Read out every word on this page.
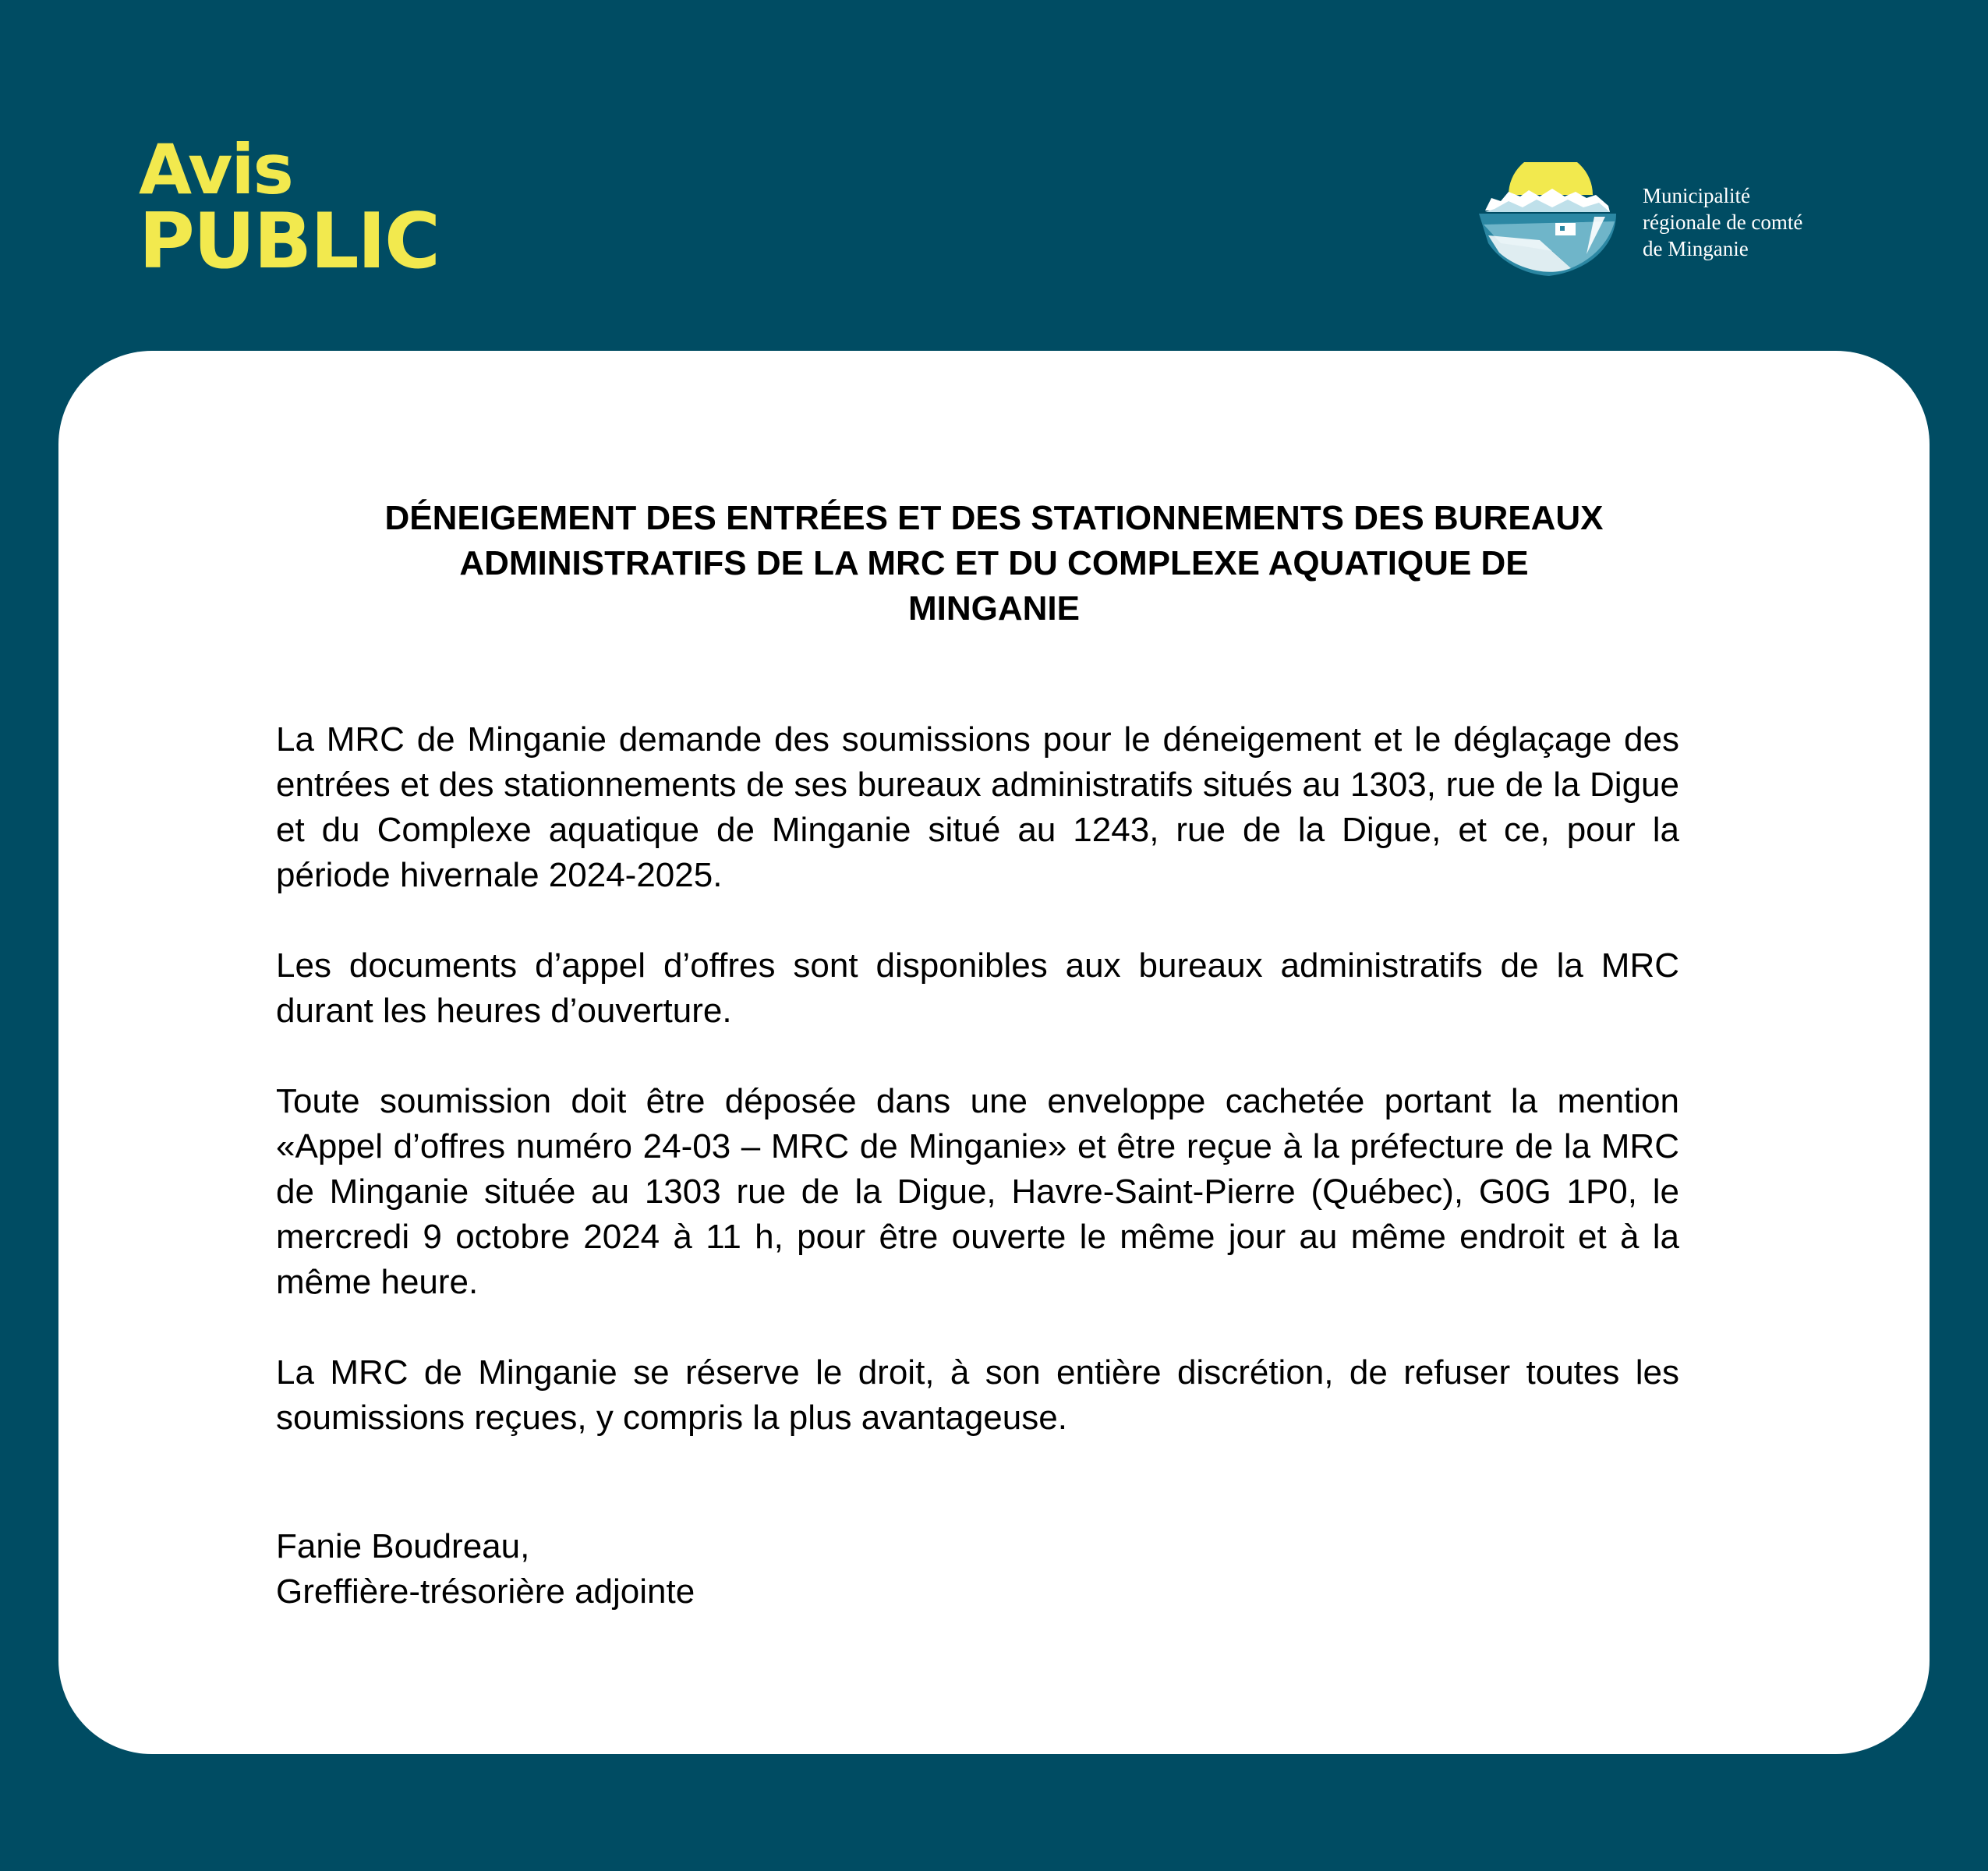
Avis
PUBLIC
Municipalité
régionale de comté
de Minganie
DÉNEIGEMENT DES ENTRÉES ET DES STATIONNEMENTS DES BUREAUX
ADMINISTRATIFS DE LA MRC ET DU COMPLEXE AQUATIQUE DE
MINGANIE

La MRC de Minganie demande des soumissions pour le déneigement et le déglaçage des entrées et des stationnements de ses bureaux administratifs situés au 1303, rue de la Digue et du Complexe aquatique de Minganie situé au 1243, rue de la Digue, et ce, pour la période hivernale 2024-2025.

Les documents d’appel d’offres sont disponibles aux bureaux administratifs de la MRC durant les heures d’ouverture.

Toute soumission doit être déposée dans une enveloppe cachetée portant la mention «Appel d’offres numéro 24-03 – MRC de Minganie» et être reçue à la préfecture de la MRC de Minganie située au 1303 rue de la Digue, Havre-Saint-Pierre (Québec), G0G 1P0, le mercredi 9 octobre 2024 à 11 h, pour être ouverte le même jour au même endroit et à la même heure.

La MRC de Minganie se réserve le droit, à son entière discrétion, de refuser toutes les soumissions reçues, y compris la plus avantageuse.

Fanie Boudreau,
Greffière-trésorière adjointe
